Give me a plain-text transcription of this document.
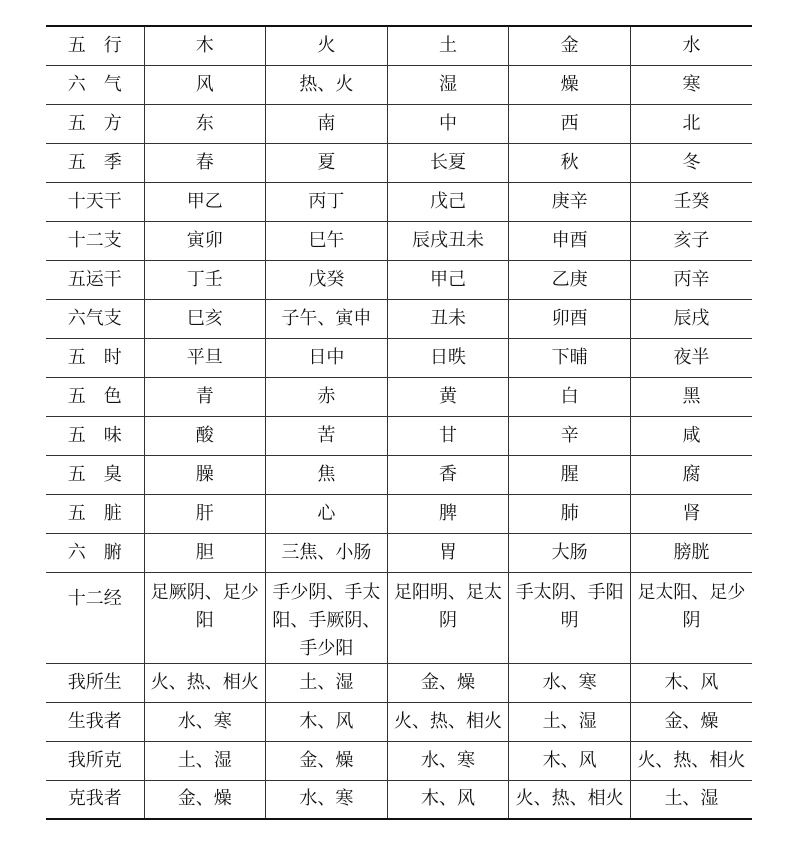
五　行	木	火	土	金	水
六　气	风	热、火	湿	燥	寒
五　方	东	南	中	西	北
五　季	春	夏	长夏	秋	冬
十天干	甲乙	丙丁	戊己	庚辛	壬癸
十二支	寅卯	巳午	辰戌丑未	申酉	亥子
五运干	丁壬	戊癸	甲己	乙庚	丙辛
六气支	巳亥	子午、寅申	丑未	卯酉	辰戌
五　时	平旦	日中	日昳	下晡	夜半
五　色	青	赤	黄	白	黑
五　味	酸	苦	甘	辛	咸
五　臭	臊	焦	香	腥	腐
五　脏	肝	心	脾	肺	肾
六　腑	胆	三焦、小肠	胃	大肠	膀胱
十二经	足厥阴、足少阳	手少阴、手太阳、手厥阴、手少阳	足阳明、足太阴	手太阴、手阳明	足太阳、足少阴
我所生	火、热、相火	土、湿	金、燥	水、寒	木、风
生我者	水、寒	木、风	火、热、相火	土、湿	金、燥
我所克	土、湿	金、燥	水、寒	木、风	火、热、相火
克我者	金、燥	水、寒	木、风	火、热、相火	土、湿
